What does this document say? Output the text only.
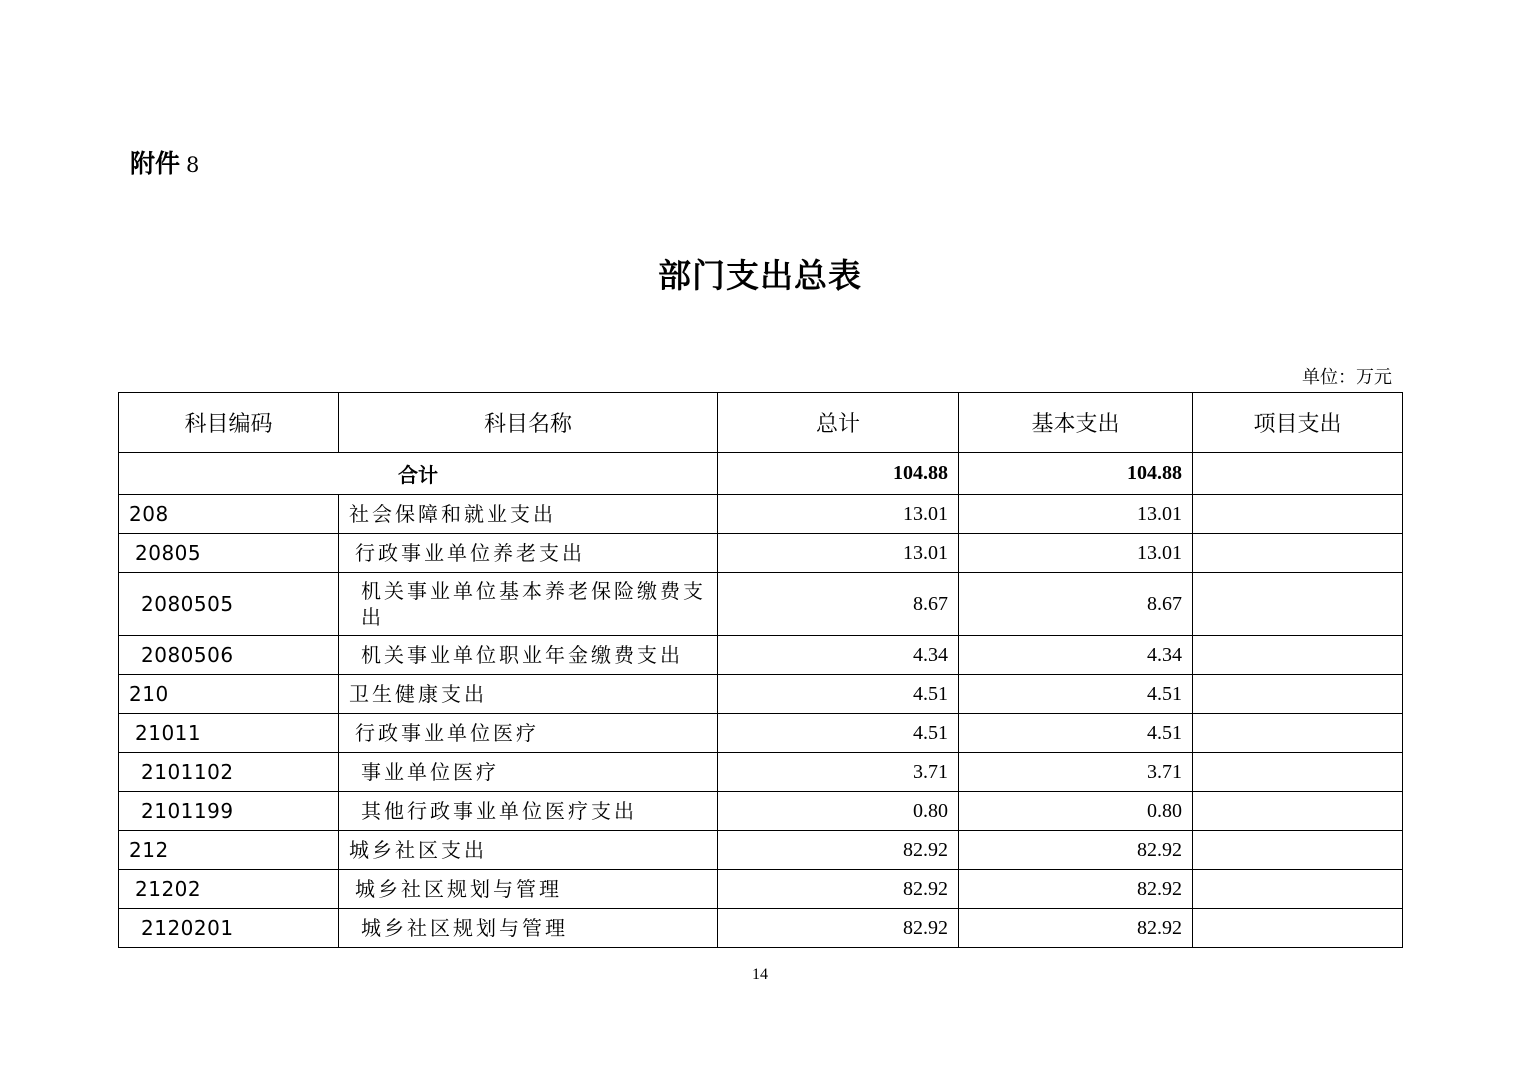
附件 8
部门支出总表
单位：万元
科目编码	科目名称	总计	基本支出	项目支出
合计		104.88	104.88	
208	社会保障和就业支出	13.01	13.01	
20805	行政事业单位养老支出	13.01	13.01	
2080505	机关事业单位基本养老保险缴费支出	8.67	8.67	
2080506	机关事业单位职业年金缴费支出	4.34	4.34	
210	卫生健康支出	4.51	4.51	
21011	行政事业单位医疗	4.51	4.51	
2101102	事业单位医疗	3.71	3.71	
2101199	其他行政事业单位医疗支出	0.80	0.80	
212	城乡社区支出	82.92	82.92	
21202	城乡社区规划与管理	82.92	82.92	
2120201	城乡社区规划与管理	82.92	82.92	
14
